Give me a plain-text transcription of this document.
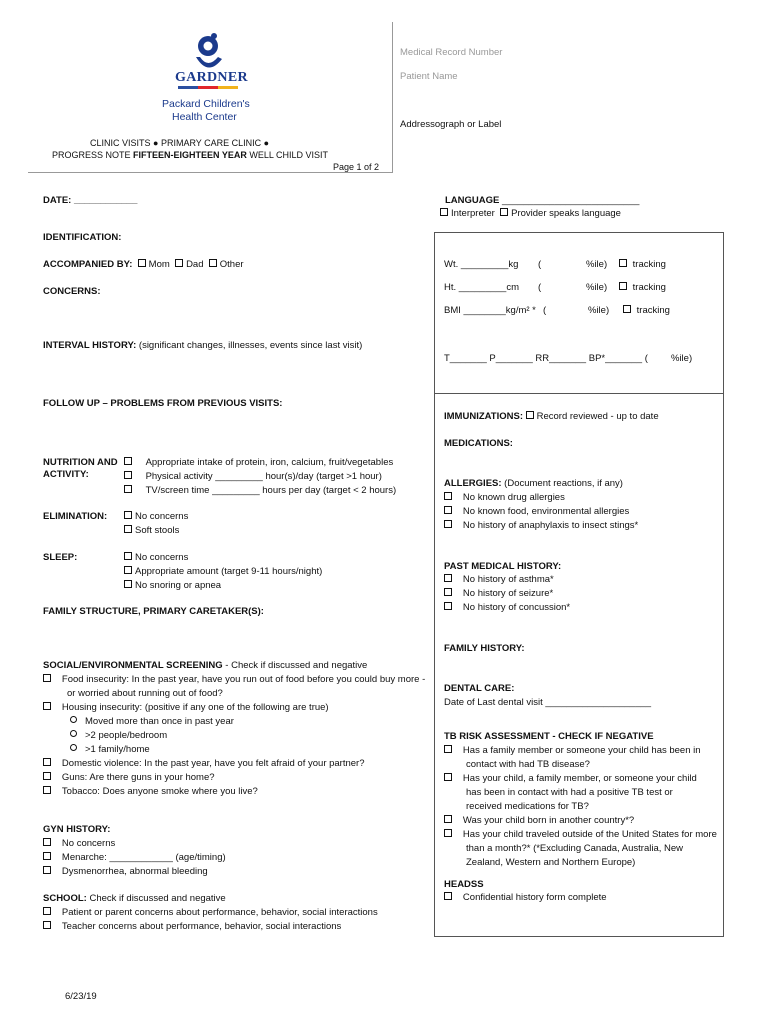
GARDNER
Packard Children's
Health Center
CLINIC VISITS ● PRIMARY CARE CLINIC ●
PROGRESS NOTE FIFTEEN-EIGHTEEN YEAR WELL CHILD VISIT
Page 1 of 2
Medical Record Number
Patient Name
Addressograph or Label
DATE: ____________
IDENTIFICATION:
ACCOMPANIED BY: Mom Dad Other
CONCERNS:
INTERVAL HISTORY: (significant changes, illnesses, events since last visit)
FOLLOW UP – PROBLEMS FROM PREVIOUS VISITS:
NUTRITION AND
ACTIVITY:
Appropriate intake of protein, iron, calcium, fruit/vegetables
Physical activity _________ hour(s)/day (target >1 hour)
TV/screen time _________ hours per day (target < 2 hours)
ELIMINATION:	No concerns
Soft stools
SLEEP:	No concerns
Appropriate amount (target 9-11 hours/night)
No snoring or apnea
FAMILY STRUCTURE, PRIMARY CARETAKER(S):
SOCIAL/ENVIRONMENTAL SCREENING - Check if discussed and negative
Food insecurity: In the past year, have you run out of food before you could buy more -
or worried about running out of food?
Housing insecurity: (positive if any one of the following are true)
Moved more than once in past year
>2 people/bedroom
>1 family/home
Domestic violence: In the past year, have you felt afraid of your partner?
Guns: Are there guns in your home?
Tobacco: Does anyone smoke where you live?
GYN HISTORY:
No concerns
Menarche: ____________ (age/timing)
Dysmenorrhea, abnormal bleeding
SCHOOL: Check if discussed and negative
Patient or parent concerns about performance, behavior, social interactions
Teacher concerns about performance, behavior, social interactions
6/23/19
LANGUAGE __________________________
Interpreter Provider speaks language
Wt. _________kg (	%ile)	tracking
Ht. _________cm (	%ile)	tracking
BMI ________kg/m² * (	%ile)	tracking
T_______ P_______ RR_______ BP*_______ ( %ile)
IMMUNIZATIONS: Record reviewed - up to date
MEDICATIONS:
ALLERGIES: (Document reactions, if any)
No known drug allergies
No known food, environmental allergies
No history of anaphylaxis to insect stings*
PAST MEDICAL HISTORY:
No history of asthma*
No history of seizure*
No history of concussion*
FAMILY HISTORY:
DENTAL CARE:
Date of Last dental visit ____________________
TB RISK ASSESSMENT - CHECK IF NEGATIVE
Has a family member or someone your child has been in
contact with had TB disease?
Has your child, a family member, or someone your child
has been in contact with had a positive TB test or
received medications for TB?
Was your child born in another country*?
Has your child traveled outside of the United States for more
than a month?* (*Excluding Canada, Australia, New
Zealand, Western and Northern Europe)
HEADSS
Confidential history form complete
